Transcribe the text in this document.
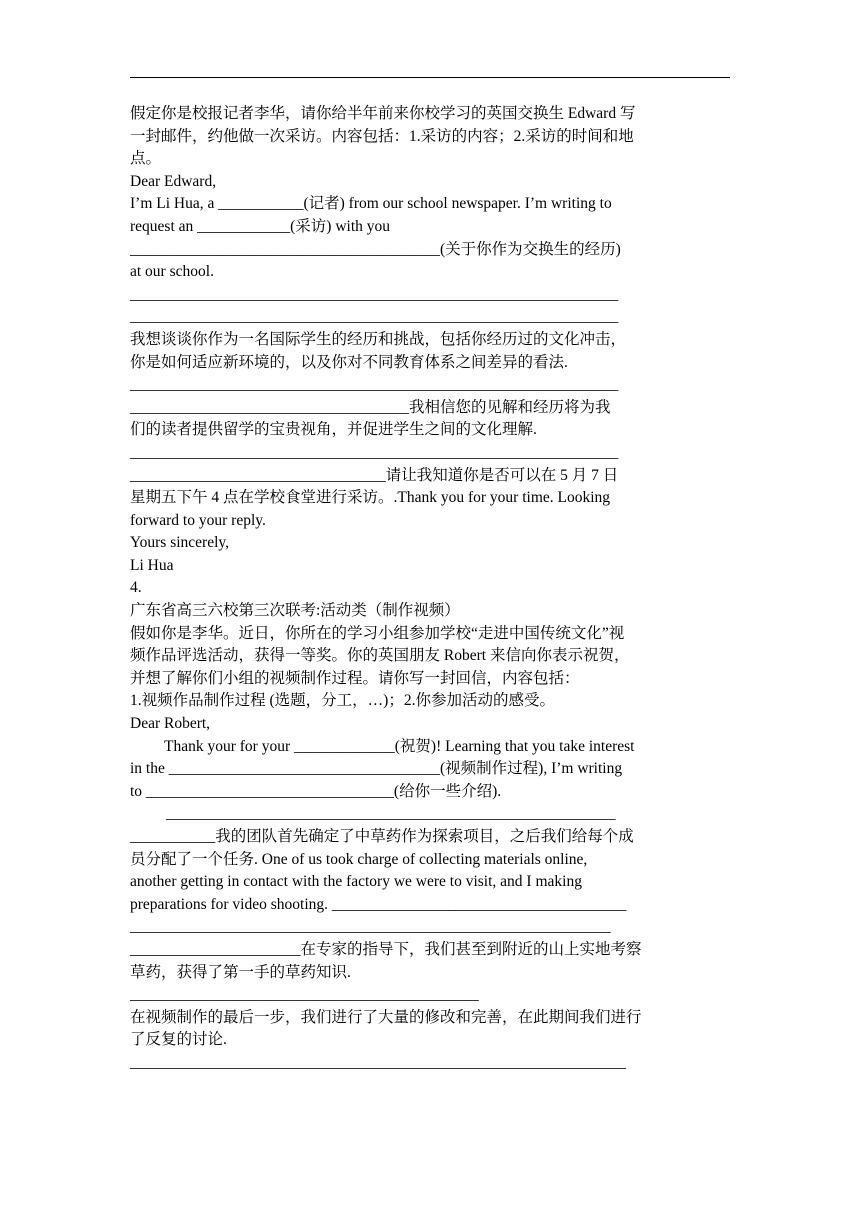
假定你是校报记者李华，请你给半年前来你校学习的英国交换生 Edward 写
一封邮件，约他做一次采访。内容包括：1.采访的内容；2.采访的时间和地
点。
Dear Edward,
I’m Li Hua, a ___________(记者) from our school newspaper. I’m writing to
request an ____________(采访) with you
________________________________________(关于你作为交换生的经历)
at our school.
_______________________________________________________________
_______________________________________________________________
我想谈谈你作为一名国际学生的经历和挑战，包括你经历过的文化冲击，
你是如何适应新环境的，以及你对不同教育体系之间差异的看法.
_______________________________________________________________
____________________________________我相信您的见解和经历将为我
们的读者提供留学的宝贵视角，并促进学生之间的文化理解.
_______________________________________________________________
_________________________________请让我知道你是否可以在 5 月 7 日
星期五下午 4 点在学校食堂进行采访。.Thank you for your time. Looking
forward to your reply.
Yours sincerely,
Li Hua
4.
广东省高三六校第三次联考:活动类（制作视频）
假如你是李华。近日，你所在的学习小组参加学校“走进中国传统文化”视
频作品评选活动，获得一等奖。你的英国朋友 Robert 来信向你表示祝贺，
并想了解你们小组的视频制作过程。请你写一封回信，内容包括：
1.视频作品制作过程 (选题，分工，…)；2.你参加活动的感受。
Dear Robert,
Thank your for your _____________(祝贺)! Learning that you take interest
in the ___________________________________(视频制作过程), I’m writing
to ________________________________(给你一些介绍).
__________________________________________________________
___________我的团队首先确定了中草药作为探索项目，之后我们给每个成
员分配了一个任务. One of us took charge of collecting materials online,
another getting in contact with the factory we were to visit, and I making
preparations for video shooting. ______________________________________
______________________________________________________________
______________________在专家的指导下，我们甚至到附近的山上实地考察
草药，获得了第一手的草药知识.
_____________________________________________
在视频制作的最后一步，我们进行了大量的修改和完善，在此期间我们进行
了反复的讨论.
________________________________________________________________
